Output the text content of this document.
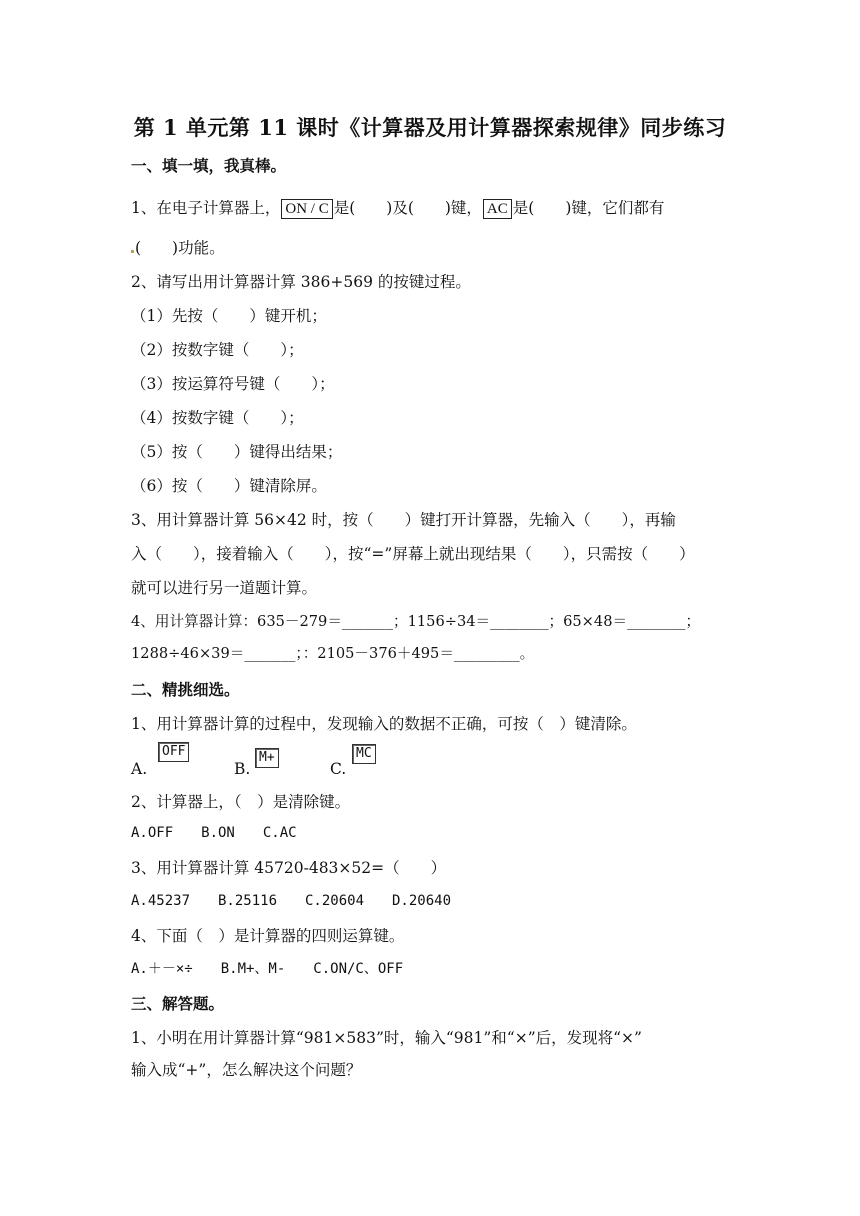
第 1 单元第 11 课时《计算器及用计算器探索规律》同步练习
一、填一填，我真棒。
1、在电子计算器上， ON / C 是(　　)及(　　)键， AC 是(　　)键，它们都有
(　　)功能。
2、请写出用计算器计算 386+569 的按键过程。
（1）先按（　　）键开机；
（2）按数字键（　　）；
（3）按运算符号键（　　）；
（4）按数字键（　　）；
（5）按（　　）键得出结果；
（6）按（　　）键清除屏。
3、用计算器计算 56×42 时，按（　　）键打开计算器，先输入（　　），再输
入（　　），接着输入（　　），按“=”屏幕上就出现结果（　　），只需按（　　）
就可以进行另一道题计算。
4、用计算器计算：635－279＝_______；1156÷34＝________；65×48＝________；
1288÷46×39＝_______；：2105－376＋495＝_________。
二、精挑细选。
1、用计算器计算的过程中，发现输入的数据不正确，可按（　）键清除。
A.
OFF
B.
M+
C.
MC
2、计算器上，（　）是清除键。
A.OFF　　B.ON　　C.AC
3、用计算器计算 45720-483×52=（　　）
A.45237　　B.25116　　C.20604　　D.20640
4、下面（　）是计算器的四则运算键。
A.＋－×÷　　B.M+、M-　　C.ON/C、OFF
三、解答题。
1、小明在用计算器计算“981×583”时，输入“981”和“×”后，发现将“×”
输入成“+”，怎么解决这个问题？
